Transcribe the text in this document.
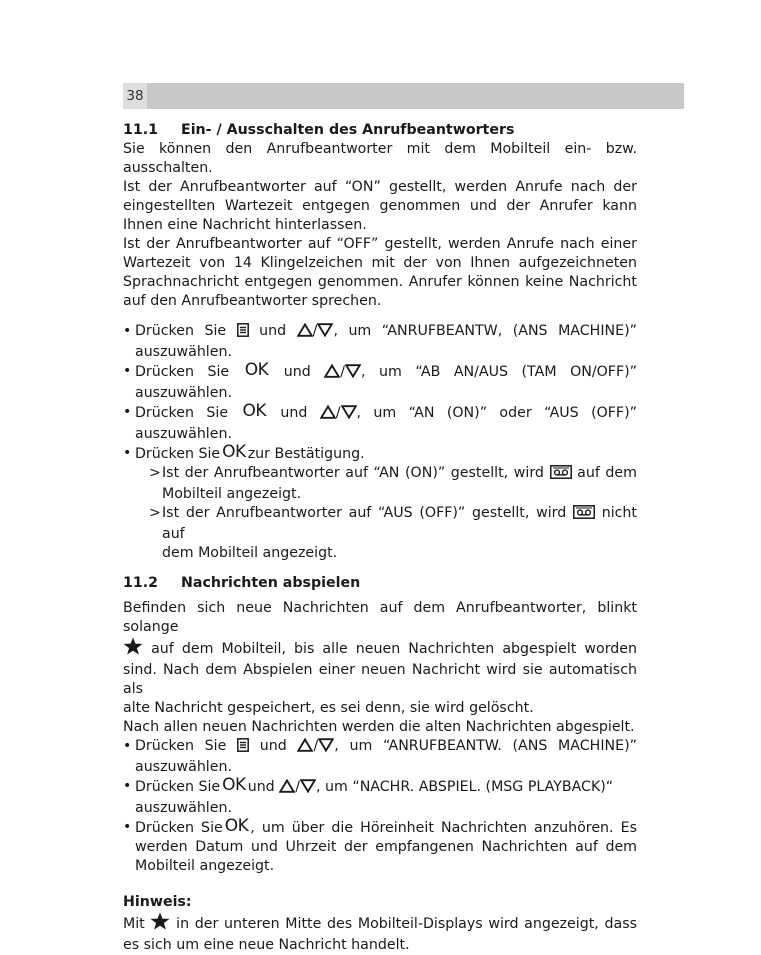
38
11.1 Ein- / Ausschalten des Anrufbeantworters

Sie können den Anrufbeantworter mit dem Mobilteil ein- bzw. ausschalten.

Ist der Anrufbeantworter auf “ON” gestellt, werden Anrufe nach der

eingestellten Wartezeit entgegen genommen und der Anrufer kann

Ihnen eine Nachricht hinterlassen.

Ist der Anrufbeantworter auf “OFF” gestellt, werden Anrufe nach einer

Wartezeit von 14 Klingelzeichen mit der von Ihnen aufgezeichneten

Sprachnachricht entgegen genommen. Anrufer können keine Nachricht

auf den Anrufbeantworter sprechen.

• Drücken Sie und / , um “ANRUFBEANTW, (ANS MACHINE)”
auszuwählen.
• Drücken Sie OK und / , um “AB AN/AUS (TAM ON/OFF)”
auszuwählen.
• Drücken Sie OK und / , um “AN (ON)” oder “AUS (OFF)”
auszuwählen.
• Drücken Sie OK zur Bestätigung.
> Ist der Anrufbeantworter auf “AN (ON)” gestellt, wird auf dem
Mobilteil angezeigt.
> Ist der Anrufbeantworter auf “AUS (OFF)” gestellt, wird nicht auf
dem Mobilteil angezeigt.
11.2 Nachrichten abspielen

Befinden sich neue Nachrichten auf dem Anrufbeantworter, blinkt solange

auf dem Mobilteil, bis alle neuen Nachrichten abgespielt worden

sind. Nach dem Abspielen einer neuen Nachricht wird sie automatisch als

alte Nachricht gespeichert, es sei denn, sie wird gelöscht.

Nach allen neuen Nachrichten werden die alten Nachrichten abgespielt.

• Drücken Sie und / , um “ANRUFBEANTW. (ANS MACHINE)”
auszuwählen.
• Drücken Sie OK und / , um “NACHR. ABSPIEL. (MSG PLAYBACK)“
auszuwählen.
• Drücken Sie OK , um über die Höreinheit Nachrichten anzuhören. Es
werden Datum und Uhrzeit der empfangenen Nachrichten auf dem
Mobilteil angezeigt.

Hinweis:

Mit in der unteren Mitte des Mobilteil-Displays wird angezeigt, dass

es sich um eine neue Nachricht handelt.
